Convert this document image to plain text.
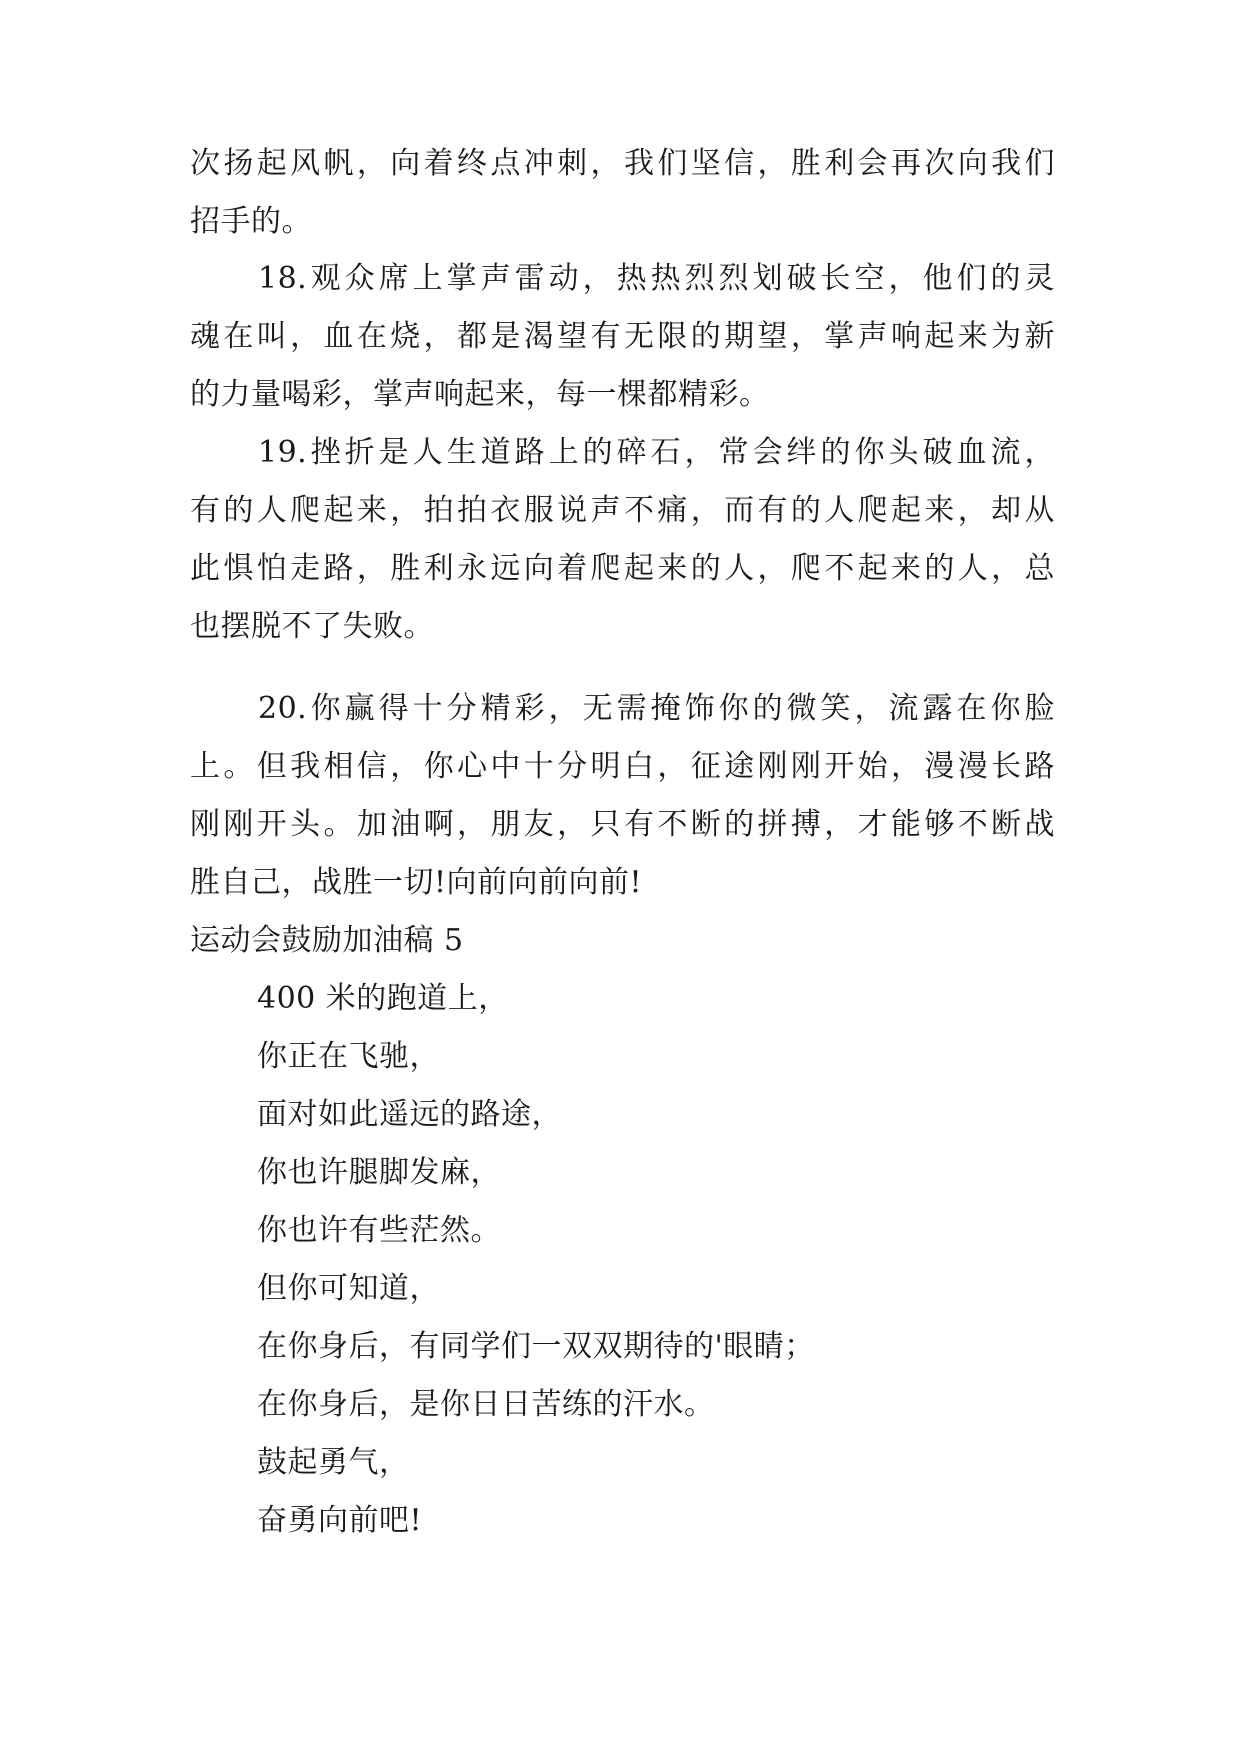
次扬起风帆，向着终点冲刺，我们坚信，胜利会再次向我们
招手的。

　　18.观众席上掌声雷动，热热烈烈划破长空，他们的灵
魂在叫，血在烧，都是渴望有无限的期望，掌声响起来为新
的力量喝彩，掌声响起来，每一棵都精彩。

　　19.挫折是人生道路上的碎石，常会绊的你头破血流，
有的人爬起来，拍拍衣服说声不痛，而有的人爬起来，却从
此惧怕走路，胜利永远向着爬起来的人，爬不起来的人，总
也摆脱不了失败。

　　20.你赢得十分精彩，无需掩饰你的微笑，流露在你脸
上。但我相信，你心中十分明白，征途刚刚开始，漫漫长路
刚刚开头。加油啊，朋友，只有不断的拼搏，才能够不断战
胜自己，战胜一切!向前向前向前!

运动会鼓励加油稿 5

400 米的跑道上，
你正在飞驰，
面对如此遥远的路途，
你也许腿脚发麻，
你也许有些茫然。
但你可知道，
在你身后，有同学们一双双期待的'眼睛；
在你身后，是你日日苦练的汗水。
鼓起勇气，
奋勇向前吧!
